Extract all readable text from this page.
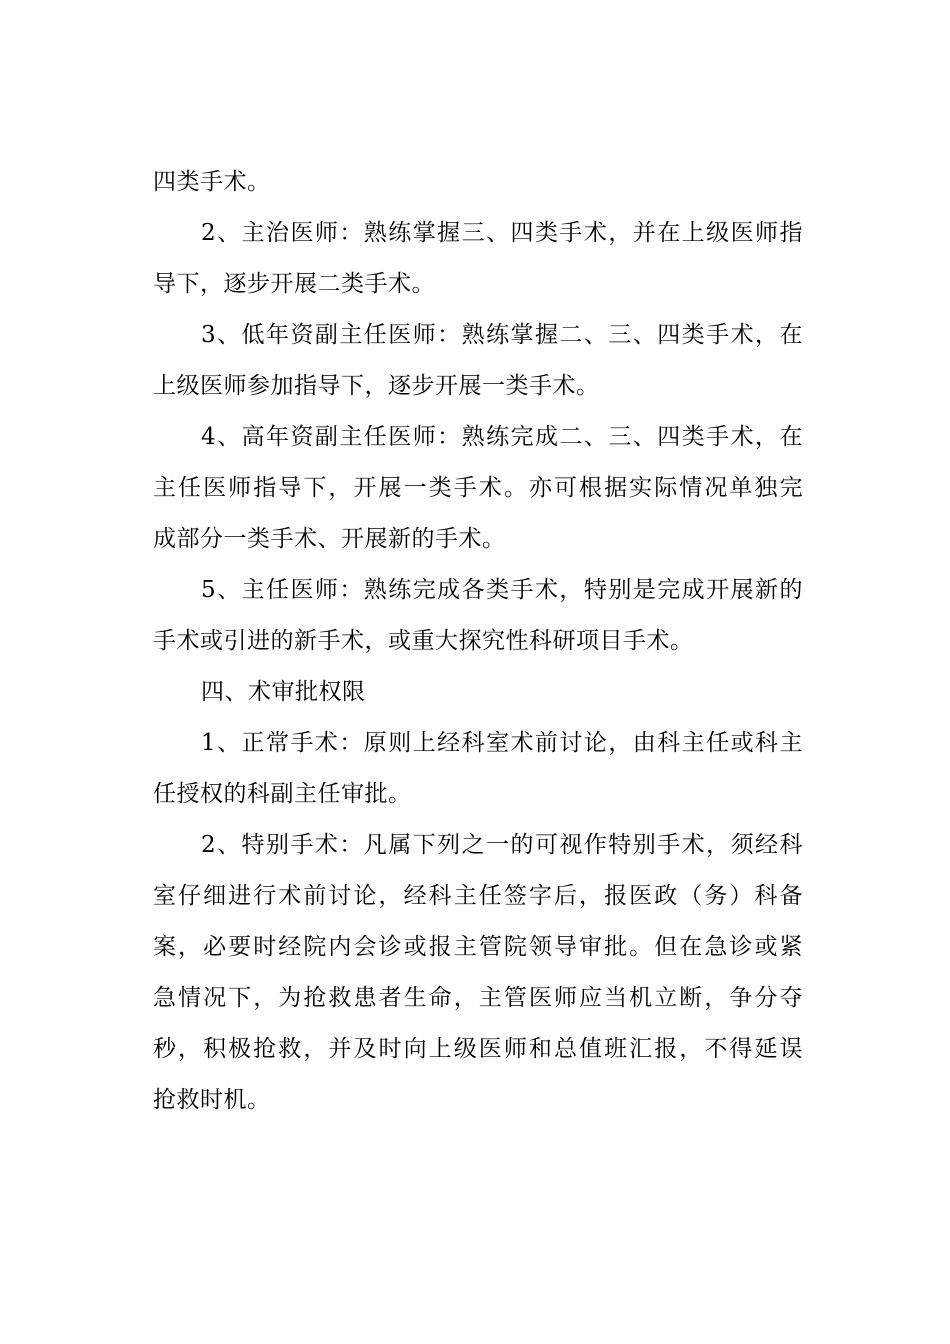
四类手术。
2、主治医师：熟练掌握三、四类手术，并在上级医师指
导下，逐步开展二类手术。
3、低年资副主任医师：熟练掌握二、三、四类手术，在
上级医师参加指导下，逐步开展一类手术。
4、高年资副主任医师：熟练完成二、三、四类手术，在
主任医师指导下，开展一类手术。亦可根据实际情况单独完
成部分一类手术、开展新的手术。
5、主任医师：熟练完成各类手术，特别是完成开展新的
手术或引进的新手术，或重大探究性科研项目手术。
四、术审批权限
1、正常手术：原则上经科室术前讨论，由科主任或科主
任授权的科副主任审批。
2、特别手术：凡属下列之一的可视作特别手术，须经科
室仔细进行术前讨论，经科主任签字后，报医政（务）科备
案，必要时经院内会诊或报主管院领导审批。但在急诊或紧
急情况下，为抢救患者生命，主管医师应当机立断，争分夺
秒，积极抢救，并及时向上级医师和总值班汇报，不得延误
抢救时机。
